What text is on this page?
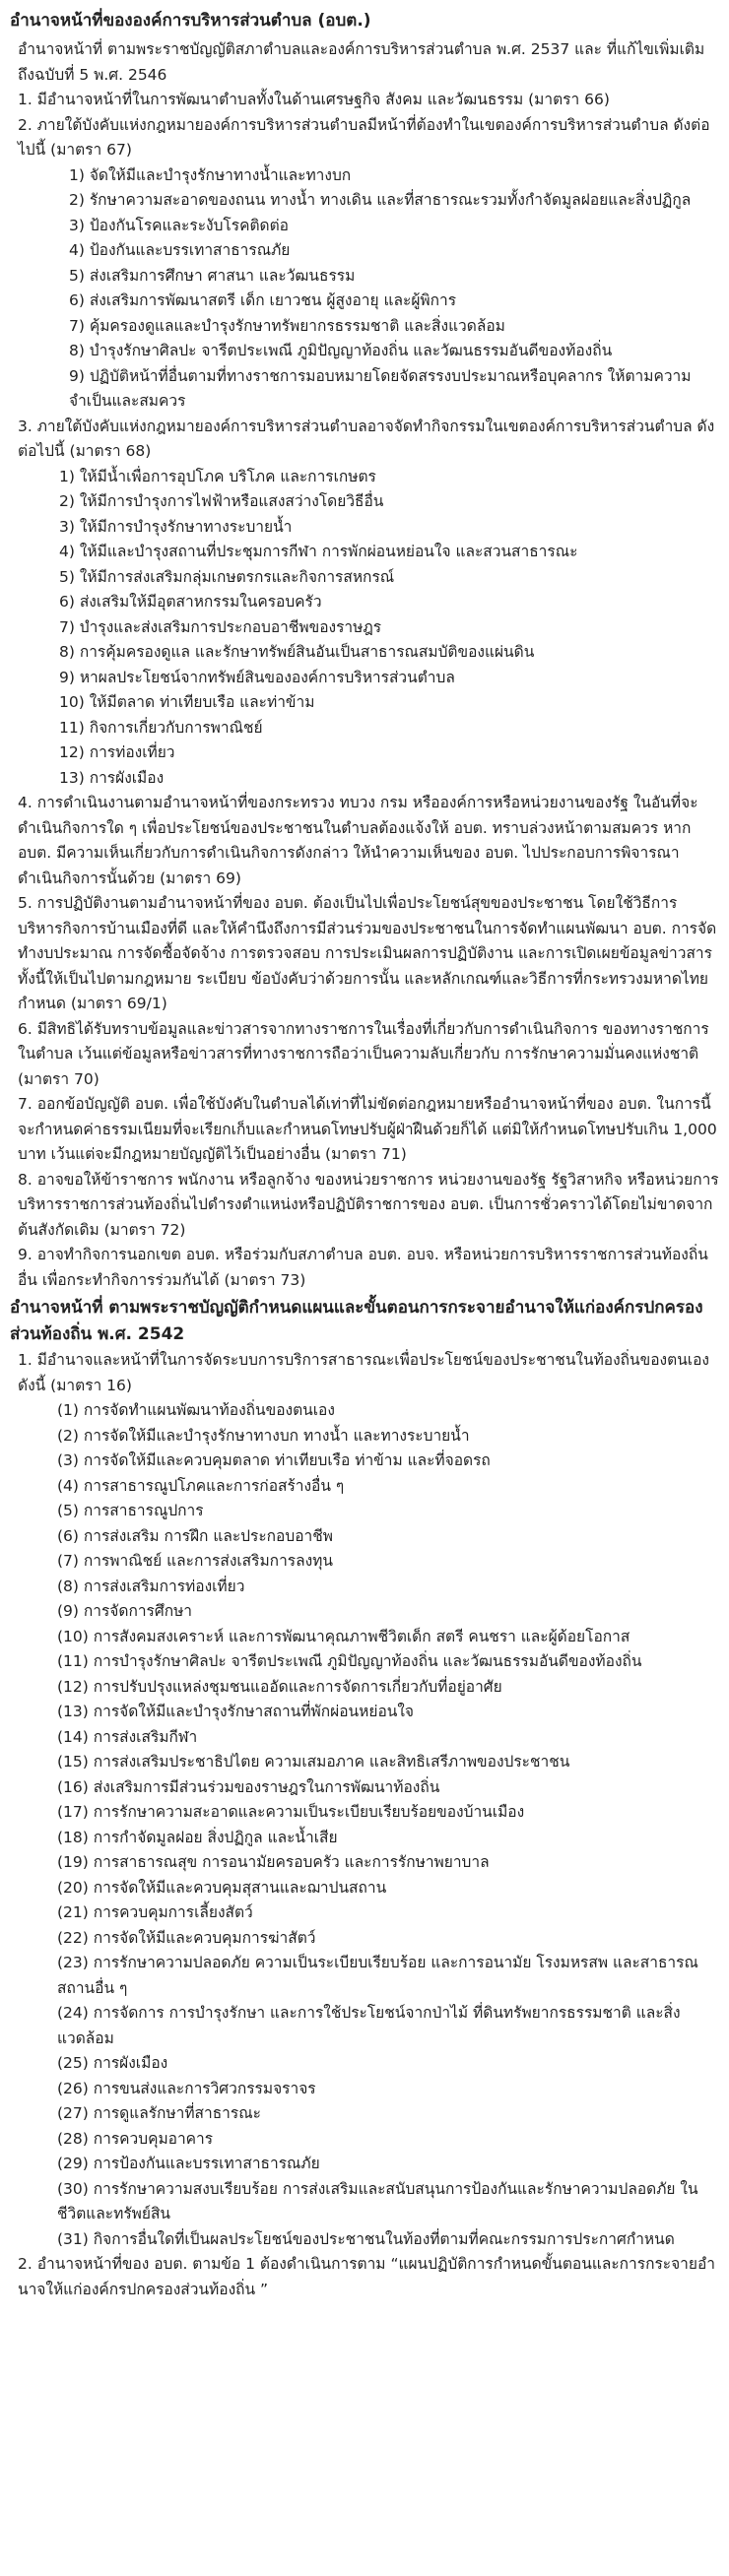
อำนาจหน้าที่ขององค์การบริหารส่วนตำบล (อบต.)

อำนาจหน้าที่ ตามพระราชบัญญัติสภาตำบลและองค์การบริหารส่วนตำบล พ.ศ. 2537 และ ที่แก้ไขเพิ่มเติมถึงฉบับที่ 5 พ.ศ. 2546

1. มีอำนาจหน้าที่ในการพัฒนาตำบลทั้งในด้านเศรษฐกิจ สังคม และวัฒนธรรม (มาตรา 66)

2. ภายใต้บังคับแห่งกฎหมายองค์การบริหารส่วนตำบลมีหน้าที่ต้องทำในเขตองค์การบริหารส่วนตำบล ดังต่อไปนี้ (มาตรา 67)

1) จัดให้มีและบำรุงรักษาทางน้ำและทางบก

2) รักษาความสะอาดของถนน ทางน้ำ ทางเดิน และที่สาธารณะรวมทั้งกำจัดมูลฝอยและสิ่งปฏิกูล

3) ป้องกันโรคและระงับโรคติดต่อ

4) ป้องกันและบรรเทาสาธารณภัย

5) ส่งเสริมการศึกษา ศาสนา และวัฒนธรรม

6) ส่งเสริมการพัฒนาสตรี เด็ก เยาวชน ผู้สูงอายุ และผู้พิการ

7) คุ้มครองดูแลและบำรุงรักษาทรัพยากรธรรมชาติ และสิ่งแวดล้อม

8) บำรุงรักษาศิลปะ จารีตประเพณี ภูมิปัญญาท้องถิ่น และวัฒนธรรมอันดีของท้องถิ่น

9) ปฏิบัติหน้าที่อื่นตามที่ทางราชการมอบหมายโดยจัดสรรงบประมาณหรือบุคลากร ให้ตามความจำเป็นและสมควร

3. ภายใต้บังคับแห่งกฎหมายองค์การบริหารส่วนตำบลอาจจัดทำกิจกรรมในเขตองค์การบริหารส่วนตำบล ดังต่อไปนี้ (มาตรา 68)

1) ให้มีน้ำเพื่อการอุปโภค บริโภค และการเกษตร

2) ให้มีการบำรุงการไฟฟ้าหรือแสงสว่างโดยวิธีอื่น

3) ให้มีการบำรุงรักษาทางระบายน้ำ

4) ให้มีและบำรุงสถานที่ประชุมการกีฬา การพักผ่อนหย่อนใจ และสวนสาธารณะ

5) ให้มีการส่งเสริมกลุ่มเกษตรกรและกิจการสหกรณ์

6) ส่งเสริมให้มีอุตสาหกรรมในครอบครัว

7) บำรุงและส่งเสริมการประกอบอาชีพของราษฎร

8) การคุ้มครองดูแล และรักษาทรัพย์สินอันเป็นสาธารณสมบัติของแผ่นดิน

9) หาผลประโยชน์จากทรัพย์สินขององค์การบริหารส่วนตำบล

10) ให้มีตลาด ท่าเทียบเรือ และท่าข้าม

11) กิจการเกี่ยวกับการพาณิชย์

12) การท่องเที่ยว

13) การผังเมือง

4. การดำเนินงานตามอำนาจหน้าที่ของกระทรวง ทบวง กรม หรือองค์การหรือหน่วยงานของรัฐ ในอันที่จะดำเนินกิจการใด ๆ เพื่อประโยชน์ของประชาชนในตำบลต้องแจ้งให้ อบต. ทราบล่วงหน้าตามสมควร หาก อบต. มีความเห็นเกี่ยวกับการดำเนินกิจการดังกล่าว ให้นำความเห็นของ อบต. ไปประกอบการพิจารณาดำเนินกิจการนั้นด้วย (มาตรา 69)

5. การปฏิบัติงานตามอำนาจหน้าที่ของ อบต. ต้องเป็นไปเพื่อประโยชน์สุขของประชาชน โดยใช้วิธีการบริหารกิจการบ้านเมืองที่ดี และให้คำนึงถึงการมีส่วนร่วมของประชาชนในการจัดทำแผนพัฒนา อบต. การจัดทำงบประมาณ การจัดซื้อจัดจ้าง การตรวจสอบ การประเมินผลการปฏิบัติงาน และการเปิดเผยข้อมูลข่าวสาร ทั้งนี้ให้เป็นไปตามกฎหมาย ระเบียบ ข้อบังคับว่าด้วยการนั้น และหลักเกณฑ์และวิธีการที่กระทรวงมหาดไทยกำหนด (มาตรา 69/1)

6. มีสิทธิได้รับทราบข้อมูลและข่าวสารจากทางราชการในเรื่องที่เกี่ยวกับการดำเนินกิจการ ของทางราชการในตำบล เว้นแต่ข้อมูลหรือข่าวสารที่ทางราชการถือว่าเป็นความลับเกี่ยวกับ การรักษาความมั่นคงแห่งชาติ (มาตรา 70)

7. ออกข้อบัญญัติ อบต. เพื่อใช้บังคับในตำบลได้เท่าที่ไม่ขัดต่อกฎหมายหรืออำนาจหน้าที่ของ อบต. ในการนี้จะกำหนดค่าธรรมเนียมที่จะเรียกเก็บและกำหนดโทษปรับผู้ฝ่าฝืนด้วยก็ได้ แต่มิให้กำหนดโทษปรับเกิน 1,000 บาท เว้นแต่จะมีกฎหมายบัญญัติไว้เป็นอย่างอื่น (มาตรา 71)

8. อาจขอให้ข้าราชการ พนักงาน หรือลูกจ้าง ของหน่วยราชการ หน่วยงานของรัฐ รัฐวิสาหกิจ หรือหน่วยการบริหารราชการส่วนท้องถิ่นไปดำรงตำแหน่งหรือปฏิบัติราชการของ อบต. เป็นการชั่วคราวได้โดยไม่ขาดจากต้นสังกัดเดิม (มาตรา 72)

9. อาจทำกิจการนอกเขต อบต. หรือร่วมกับสภาตำบล อบต. อบจ. หรือหน่วยการบริหารราชการส่วนท้องถิ่นอื่น เพื่อกระทำกิจการร่วมกันได้ (มาตรา 73)

อำนาจหน้าที่ ตามพระราชบัญญัติกำหนดแผนและขั้นตอนการกระจายอำนาจให้แก่องค์กรปกครองส่วนท้องถิ่น พ.ศ. 2542

1. มีอำนาจและหน้าที่ในการจัดระบบการบริการสาธารณะเพื่อประโยชน์ของประชาชนในท้องถิ่นของตนเองดังนี้ (มาตรา 16)

(1) การจัดทำแผนพัฒนาท้องถิ่นของตนเอง

(2) การจัดให้มีและบำรุงรักษาทางบก ทางน้ำ และทางระบายน้ำ

(3) การจัดให้มีและควบคุมตลาด ท่าเทียบเรือ ท่าข้าม และที่จอดรถ

(4) การสาธารณูปโภคและการก่อสร้างอื่น ๆ

(5) การสาธารณูปการ

(6) การส่งเสริม การฝึก และประกอบอาชีพ

(7) การพาณิชย์ และการส่งเสริมการลงทุน

(8) การส่งเสริมการท่องเที่ยว

(9) การจัดการศึกษา

(10) การสังคมสงเคราะห์ และการพัฒนาคุณภาพชีวิตเด็ก สตรี คนชรา และผู้ด้อยโอกาส

(11) การบำรุงรักษาศิลปะ จารีตประเพณี ภูมิปัญญาท้องถิ่น และวัฒนธรรมอันดีของท้องถิ่น

(12) การปรับปรุงแหล่งชุมชนแออัดและการจัดการเกี่ยวกับที่อยู่อาศัย

(13) การจัดให้มีและบำรุงรักษาสถานที่พักผ่อนหย่อนใจ

(14) การส่งเสริมกีฬา

(15) การส่งเสริมประชาธิปไตย ความเสมอภาค และสิทธิเสรีภาพของประชาชน

(16) ส่งเสริมการมีส่วนร่วมของราษฎรในการพัฒนาท้องถิ่น

(17) การรักษาความสะอาดและความเป็นระเบียบเรียบร้อยของบ้านเมือง

(18) การกำจัดมูลฝอย สิ่งปฏิกูล และน้ำเสีย

(19) การสาธารณสุข การอนามัยครอบครัว และการรักษาพยาบาล

(20) การจัดให้มีและควบคุมสุสานและฌาปนสถาน

(21) การควบคุมการเลี้ยงสัตว์

(22) การจัดให้มีและควบคุมการฆ่าสัตว์

(23) การรักษาความปลอดภัย ความเป็นระเบียบเรียบร้อย และการอนามัย โรงมหรสพ และสาธารณสถานอื่น ๆ

(24) การจัดการ การบำรุงรักษา และการใช้ประโยชน์จากป่าไม้ ที่ดินทรัพยากรธรรมชาติ และสิ่งแวดล้อม

(25) การผังเมือง

(26) การขนส่งและการวิศวกรรมจราจร

(27) การดูแลรักษาที่สาธารณะ

(28) การควบคุมอาคาร

(29) การป้องกันและบรรเทาสาธารณภัย

(30) การรักษาความสงบเรียบร้อย การส่งเสริมและสนับสนุนการป้องกันและรักษาความปลอดภัย ในชีวิตและทรัพย์สิน

(31) กิจการอื่นใดที่เป็นผลประโยชน์ของประชาชนในท้องที่ตามที่คณะกรรมการประกาศกำหนด

2. อำนาจหน้าที่ของ อบต. ตามข้อ 1 ต้องดำเนินการตาม “แผนปฏิบัติการกำหนดขั้นตอนและการกระจายอำนาจให้แก่องค์กรปกครองส่วนท้องถิ่น ”
